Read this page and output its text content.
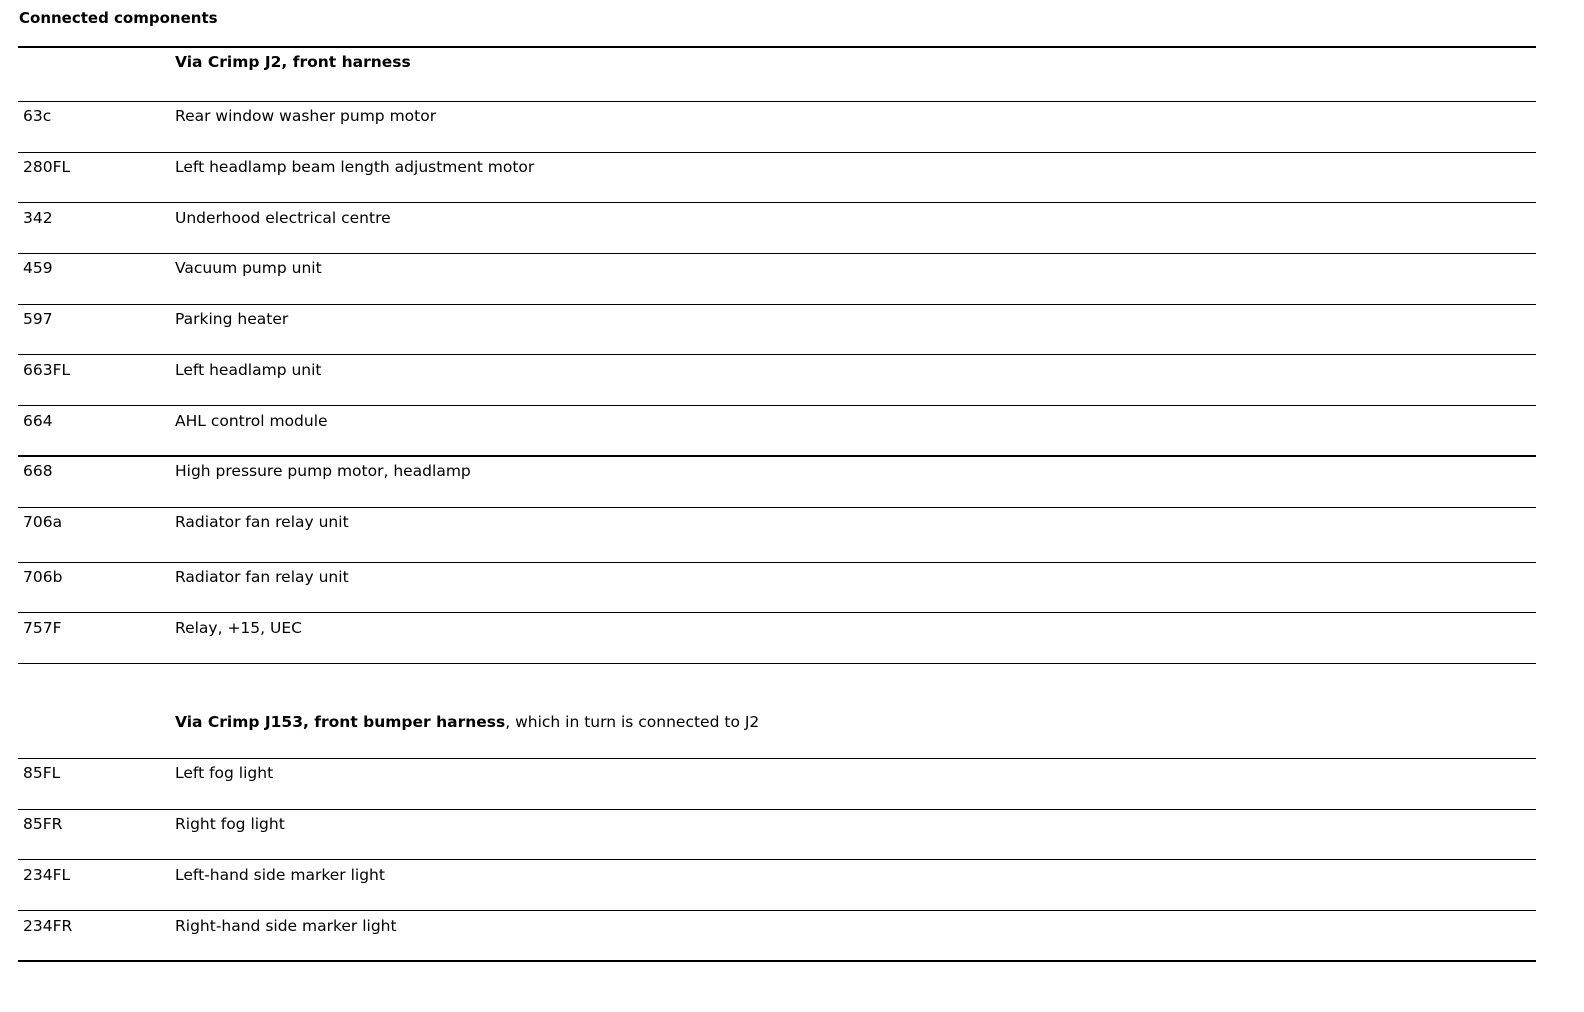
Connected components
Via Crimp J2, front harness
63c	Rear window washer pump motor
280FL	Left headlamp beam length adjustment motor
342	Underhood electrical centre
459	Vacuum pump unit
597	Parking heater
663FL	Left headlamp unit
664	AHL control module
668	High pressure pump motor, headlamp
706a	Radiator fan relay unit
706b	Radiator fan relay unit
757F	Relay, +15, UEC
Via Crimp J153, front bumper harness, which in turn is connected to J2
85FL	Left fog light
85FR	Right fog light
234FL	Left-hand side marker light
234FR	Right-hand side marker light
